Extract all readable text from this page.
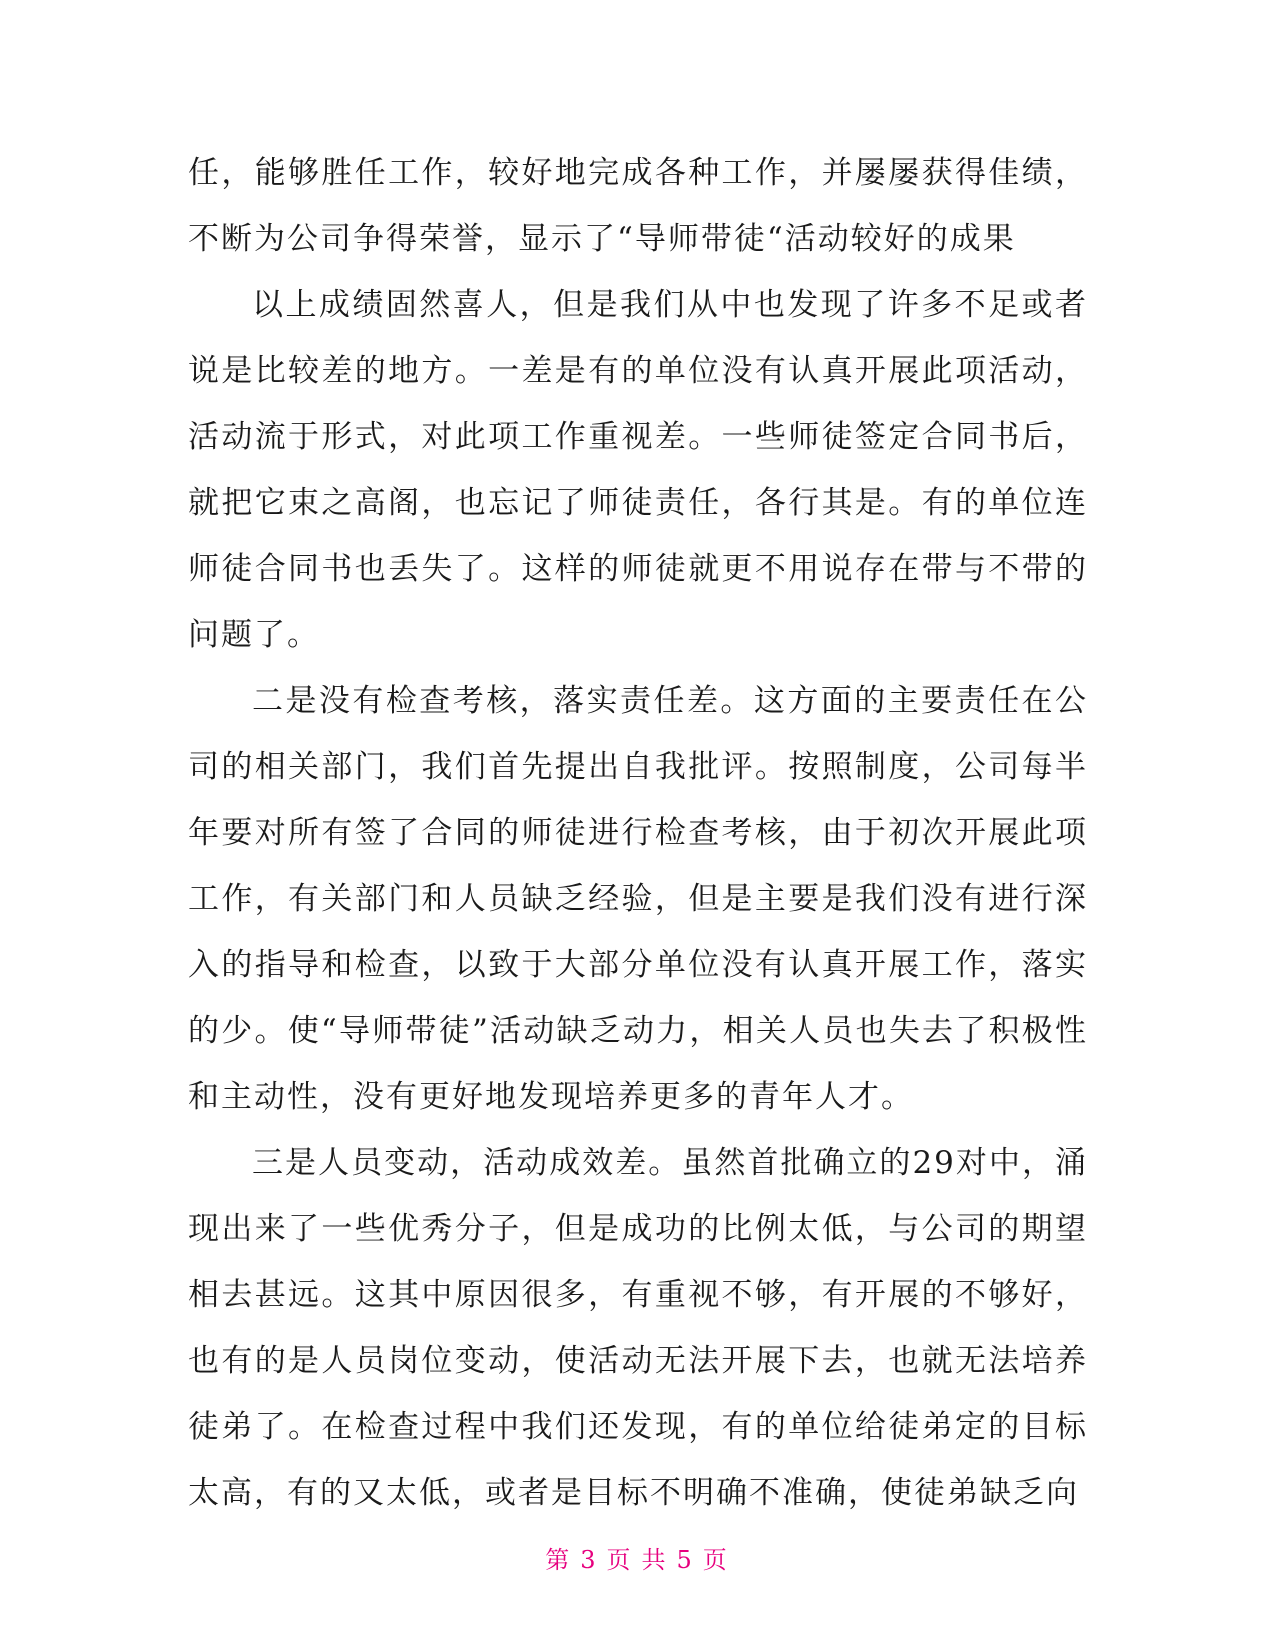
任，能够胜任工作，较好地完成各种工作，并屡屡获得佳绩，不断为公司争得荣誉，显示了“导师带徒“活动较好的成果

以上成绩固然喜人，但是我们从中也发现了许多不足或者说是比较差的地方。一差是有的单位没有认真开展此项活动，活动流于形式，对此项工作重视差。一些师徒签定合同书后，就把它束之高阁，也忘记了师徒责任，各行其是。有的单位连师徒合同书也丢失了。这样的师徒就更不用说存在带与不带的问题了。

二是没有检查考核，落实责任差。这方面的主要责任在公司的相关部门，我们首先提出自我批评。按照制度，公司每半年要对所有签了合同的师徒进行检查考核，由于初次开展此项工作，有关部门和人员缺乏经验，但是主要是我们没有进行深入的指导和检查，以致于大部分单位没有认真开展工作，落实的少。使“导师带徒”活动缺乏动力，相关人员也失去了积极性和主动性，没有更好地发现培养更多的青年人才。

三是人员变动，活动成效差。虽然首批确立的29对中，涌现出来了一些优秀分子，但是成功的比例太低，与公司的期望相去甚远。这其中原因很多，有重视不够，有开展的不够好，也有的是人员岗位变动，使活动无法开展下去，也就无法培养徒弟了。在检查过程中我们还发现，有的单位给徒弟定的目标太高，有的又太低，或者是目标不明确不准确，使徒弟缺乏向

第 3 页 共 5 页
